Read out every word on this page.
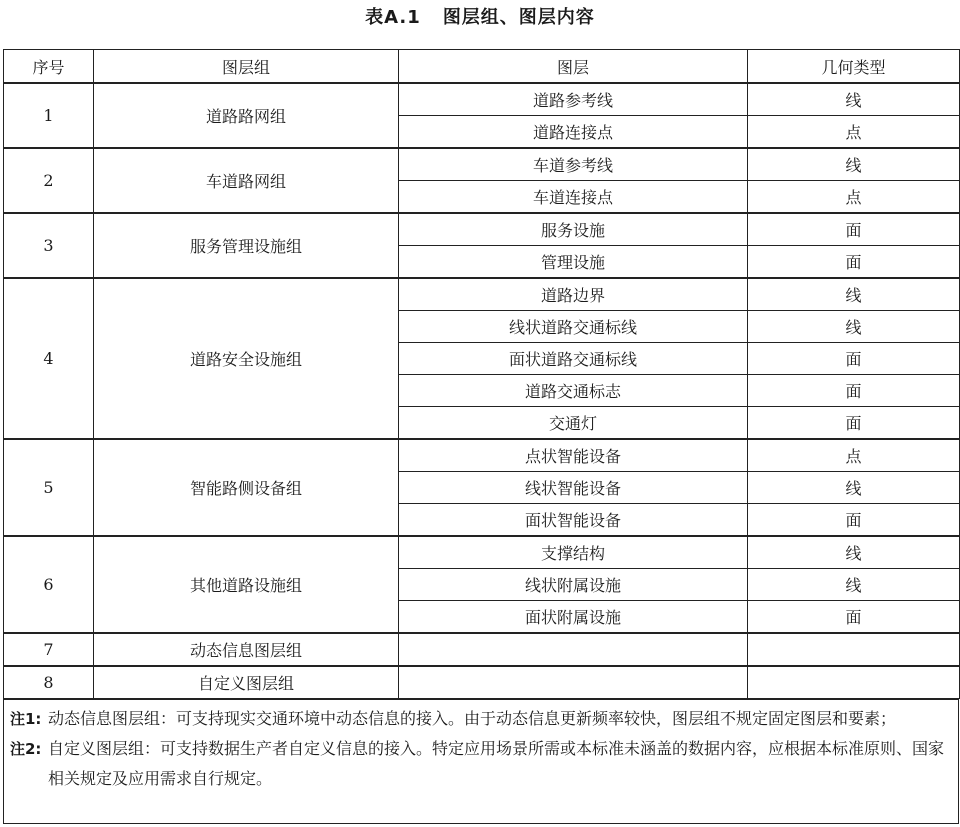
表A.1 图层组、图层内容
序号	图层组	图层	几何类型
1	道路路网组	道路参考线	线
		道路连接点	点
2	车道路网组	车道参考线	线
		车道连接点	点
3	服务管理设施组	服务设施	面
		管理设施	面
4	道路安全设施组	道路边界	线
		线状道路交通标线	线
		面状道路交通标线	面
		道路交通标志	面
		交通灯	面
5	智能路侧设备组	点状智能设备	点
		线状智能设备	线
		面状智能设备	面
6	其他道路设施组	支撑结构	线
		线状附属设施	线
		面状附属设施	面
7	动态信息图层组		
8	自定义图层组		
注1: 动态信息图层组：可支持现实交通环境中动态信息的接入。由于动态信息更新频率较快，图层组不规定固定图层和要素；
注2: 自定义图层组：可支持数据生产者自定义信息的接入。特定应用场景所需或本标准未涵盖的数据内容，应根据本标准原则、国家相关规定及应用需求自行规定。
